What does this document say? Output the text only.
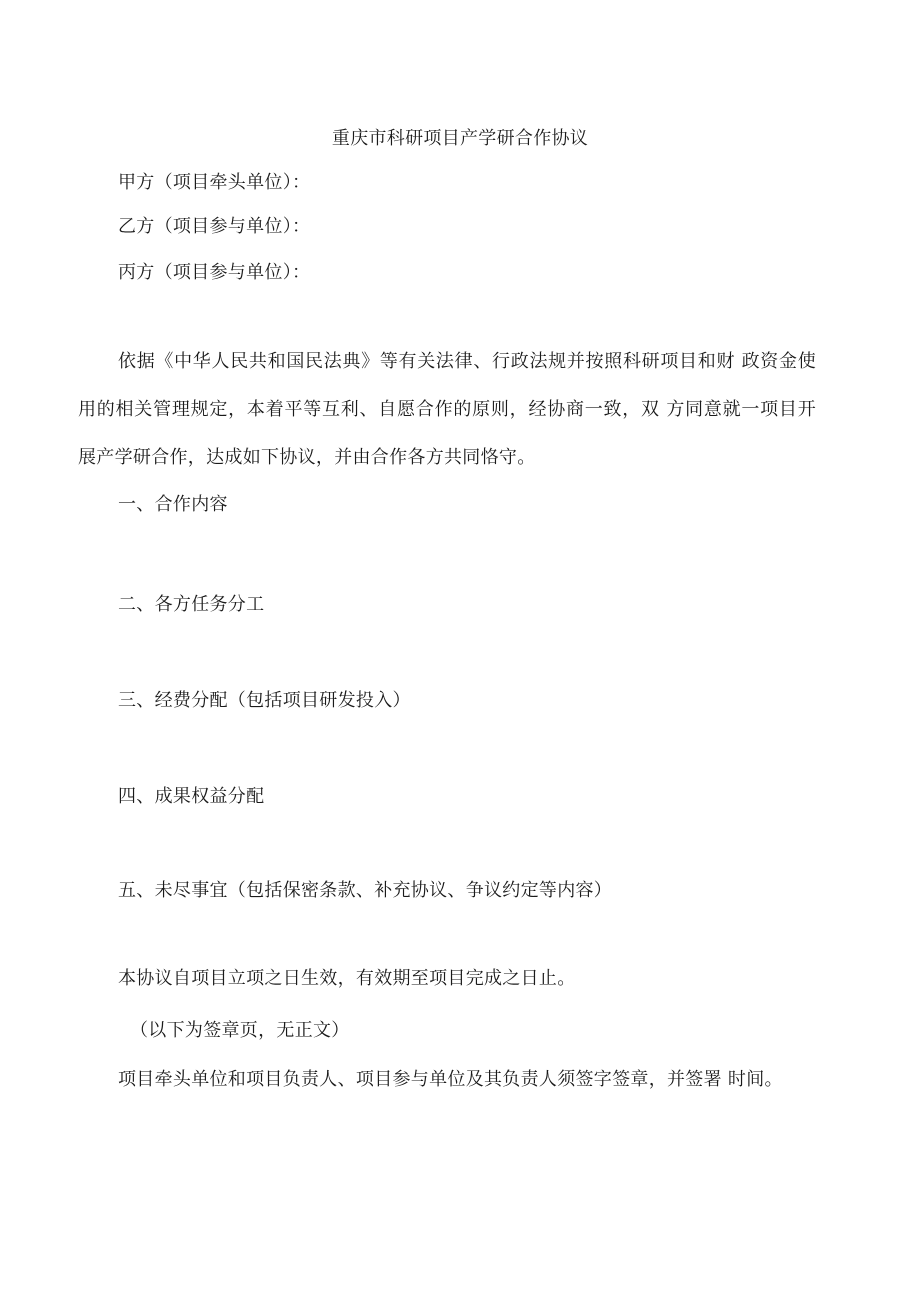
重庆市科研项目产学研合作协议
甲方（项目牵头单位）：
乙方（项目参与单位）：
丙方（项目参与单位）：
依据《中华人民共和国民法典》等有关法律、行政法规并按照科研项目和财 政资金使用的相关管理规定，本着平等互利、自愿合作的原则，经协商一致，双 方同意就一项目开展产学研合作，达成如下协议，并由合作各方共同恪守。
一、合作内容
二、各方任务分工
三、经费分配（包括项目研发投入）
四、成果权益分配
五、未尽事宜（包括保密条款、补充协议、争议约定等内容）
本协议自项目立项之日生效，有效期至项目完成之日止。
（以下为签章页，无正文）
项目牵头单位和项目负责人、项目参与单位及其负责人须签字签章，并签署 时间。
